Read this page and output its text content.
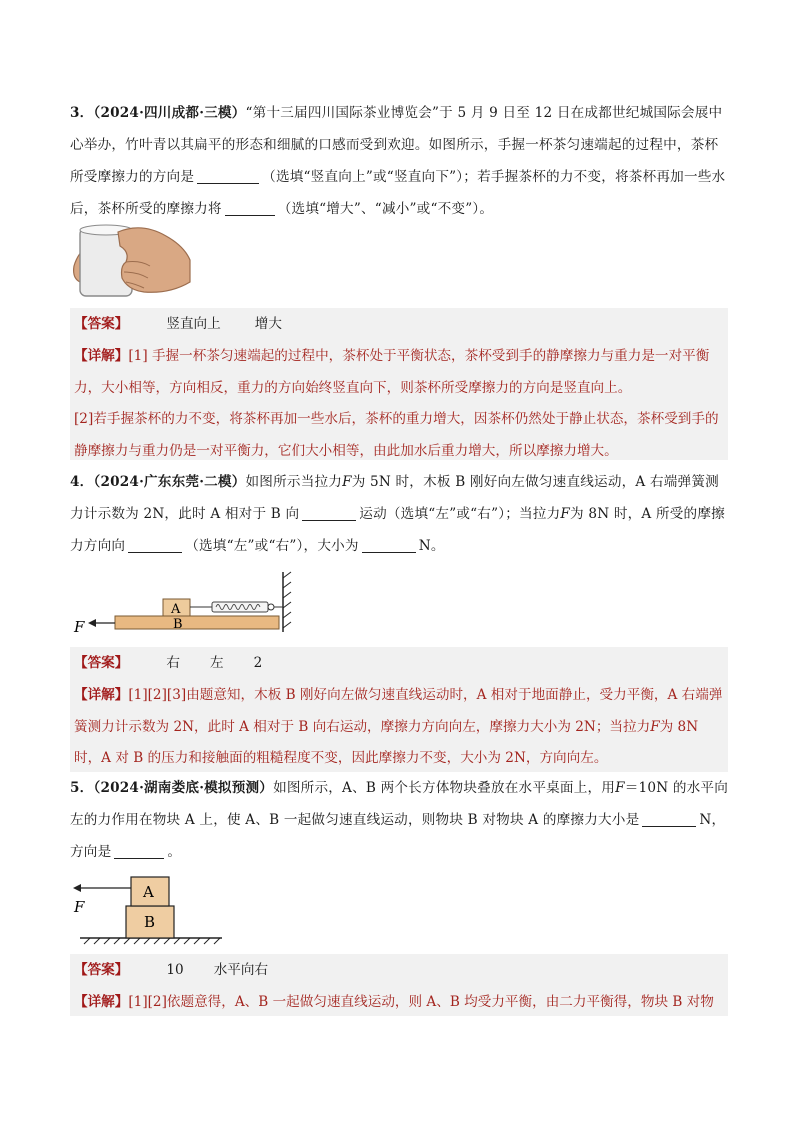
3．（2024·四川成都·三模）“第十三届四川国际茶业博览会”于 5 月 9 日至 12 日在成都世纪城国际会展中心举办，竹叶青以其扁平的形态和细腻的口感而受到欢迎。如图所示，手握一杯茶匀速端起的过程中，茶杯所受摩擦力的方向是	（选填“竖直向上”或“竖直向下”）；若手握茶杯的力不变，将茶杯再加一些水后，茶杯所受的摩擦力将	（选填“增大”、“减小”或“不变”）。
【答案】	竖直向上	增大
【详解】[1] 手握一杯茶匀速端起的过程中，茶杯处于平衡状态，茶杯受到手的静摩擦力与重力是一对平衡力，大小相等，方向相反，重力的方向始终竖直向下，则茶杯所受摩擦力的方向是竖直向上。
[2]若手握茶杯的力不变，将茶杯再加一些水后，茶杯的重力增大，因茶杯仍然处于静止状态，茶杯受到手的静摩擦力与重力仍是一对平衡力，它们大小相等，由此加水后重力增大，所以摩擦力增大。
4．（2024·广东东莞·二模）如图所示当拉力F为 5N 时，木板 B 刚好向左做匀速直线运动，A 右端弹簧测力计示数为 2N，此时 A 相对于 B 向	运动（选填“左”或“右”）；当拉力F为 8N 时，A 所受的摩擦力方向向	（选填“左”或“右”），大小为	N。
A
B
F
【答案】	右 左 2
【详解】[1][2][3]由题意知，木板 B 刚好向左做匀速直线运动时，A 相对于地面静止，受力平衡，A 右端弹簧测力计示数为 2N，此时 A 相对于 B 向右运动，摩擦力方向向左，摩擦力大小为 2N；当拉力F为 8N 时，A 对 B 的压力和接触面的粗糙程度不变，因此摩擦力不变，大小为 2N，方向向左。
5．（2024·湖南娄底·模拟预测）如图所示，A、B 两个长方体物块叠放在水平桌面上，用F＝10N 的水平向左的力作用在物块 A 上，使 A、B 一起做匀速直线运动，则物块 B 对物块 A 的摩擦力大小是	N，方向是	。
A
B
F
【答案】	10 水平向右
【详解】[1][2]依题意得，A、B 一起做匀速直线运动，则 A、B 均受力平衡，由二力平衡得，物块 B 对物
